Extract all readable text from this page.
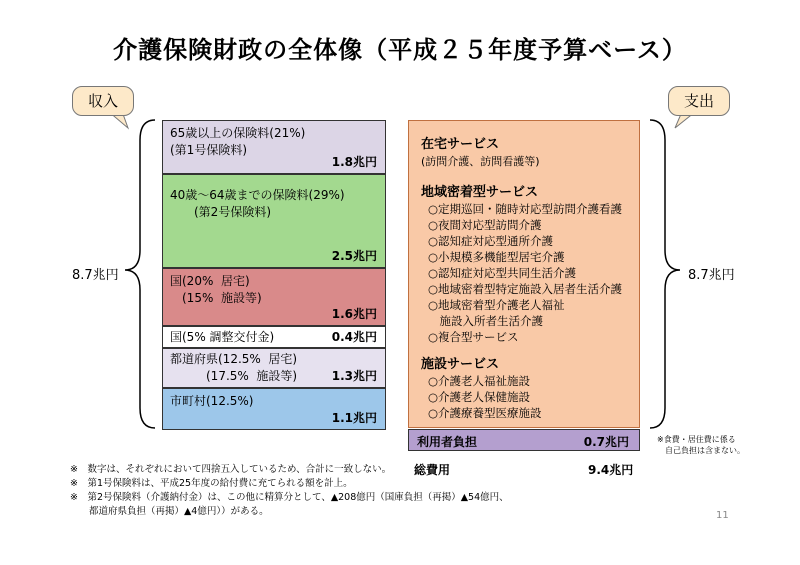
介護保険財政の全体像（平成２５年度予算ベース）
収入	支出
8.7兆円	8.7兆円
65歳以上の保険料(21%)
(第1号保険料)
1.8兆円
40歳～64歳までの保険料(29%)
　　(第2号保険料)
2.5兆円
国(20%  居宅)
　(15%  施設等)
1.6兆円
国(5% 調整交付金)	0.4兆円
都道府県(12.5%  居宅)
　　　(17.5%  施設等)	1.3兆円
市町村(12.5%)
1.1兆円
在宅サービス
(訪問介護、訪問看護等)
地域密着型サービス
○定期巡回・随時対応型訪問介護看護
○夜間対応型訪問介護
○認知症対応型通所介護
○小規模多機能型居宅介護
○認知症対応型共同生活介護
○地域密着型特定施設入居者生活介護
○地域密着型介護老人福祉
　施設入所者生活介護
○複合型サービス
施設サービス
○介護老人福祉施設
○介護老人保健施設
○介護療養型医療施設
利用者負担	0.7兆円	※食費・居住費に係る
　自己負担は含まない。
総費用	9.4兆円
※　数字は、それぞれにおいて四捨五入しているため、合計に一致しない。
※　第1号保険料は、平成25年度の給付費に充てられる額を計上。
※　第2号保険料（介護納付金）は、この他に精算分として、▲208億円（国庫負担（再掲）▲54億円、
　　都道府県負担（再掲）▲4億円））がある。	11
